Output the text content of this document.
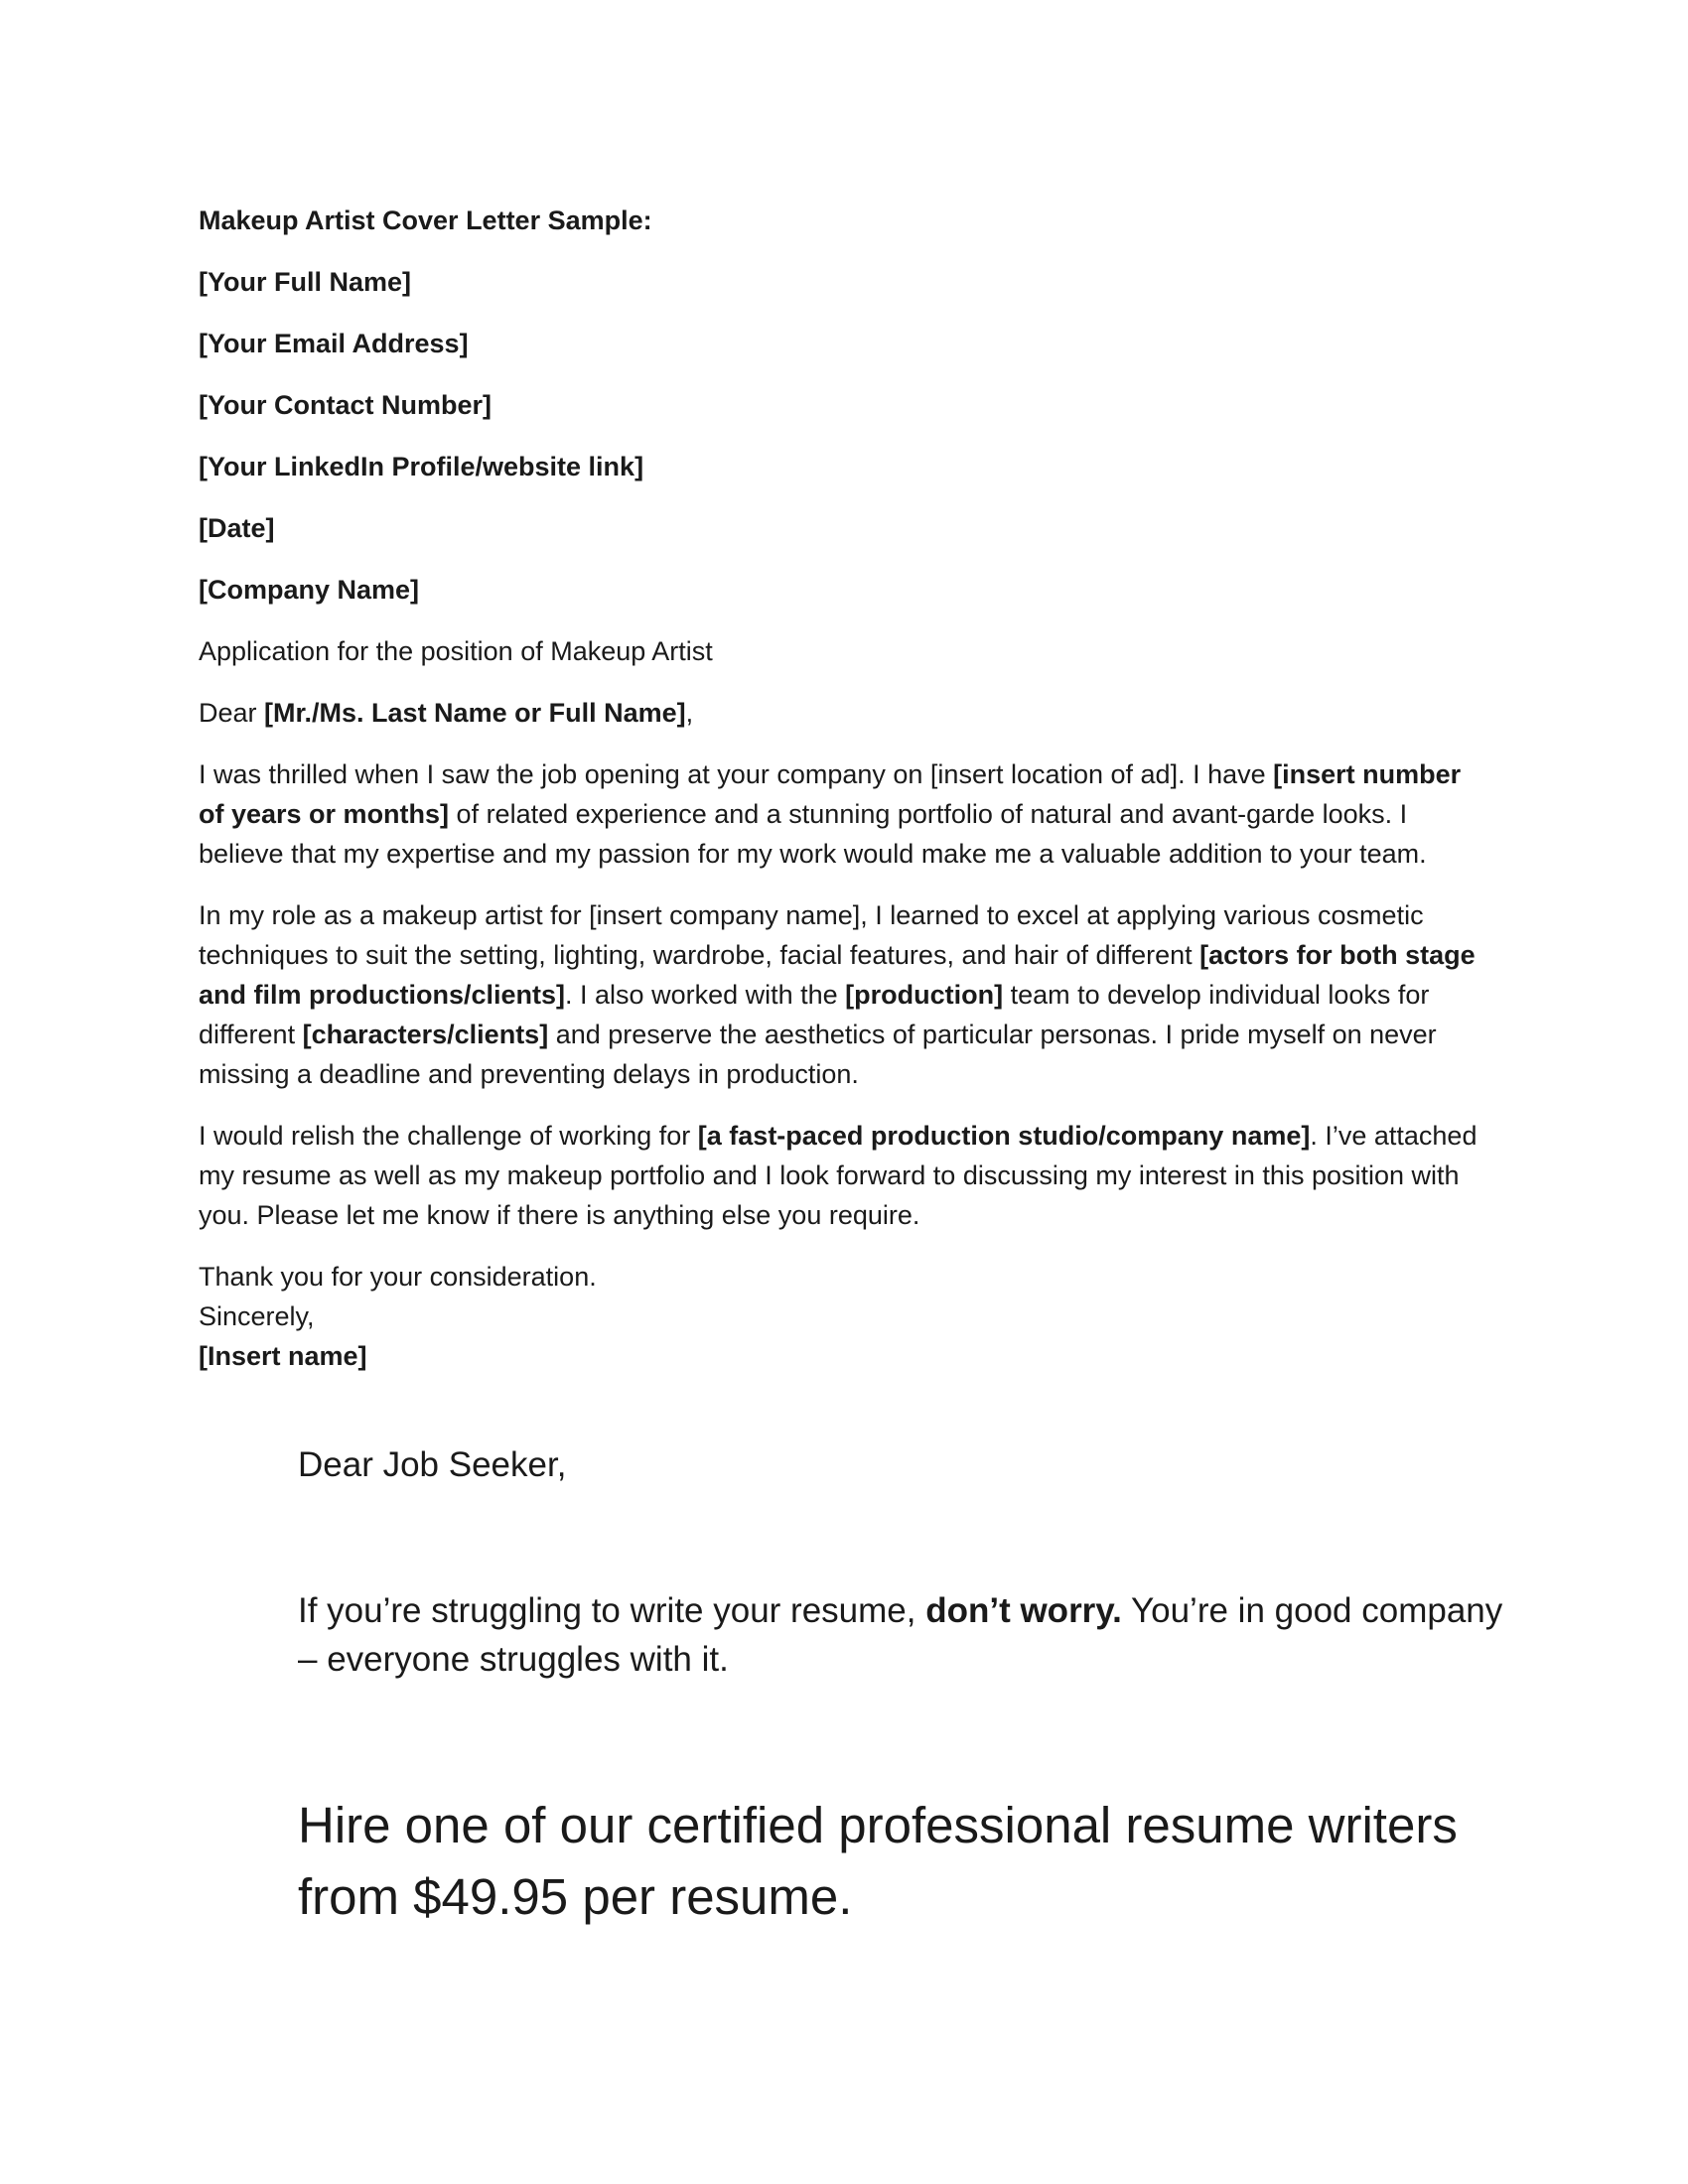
Makeup Artist Cover Letter Sample:

[Your Full Name]

[Your Email Address]

[Your Contact Number]

[Your LinkedIn Profile/website link]

[Date]

[Company Name]

Application for the position of Makeup Artist

Dear [Mr./Ms. Last Name or Full Name],

I was thrilled when I saw the job opening at your company on [insert location of ad]. I have [insert number of years or months] of related experience and a stunning portfolio of natural and avant-garde looks. I believe that my expertise and my passion for my work would make me a valuable addition to your team.

In my role as a makeup artist for [insert company name], I learned to excel at applying various cosmetic techniques to suit the setting, lighting, wardrobe, facial features, and hair of different [actors for both stage and film productions/clients]. I also worked with the [production] team to develop individual looks for different [characters/clients] and preserve the aesthetics of particular personas. I pride myself on never missing a deadline and preventing delays in production.

I would relish the challenge of working for [a fast-paced production studio/company name]. I’ve attached my resume as well as my makeup portfolio and I look forward to discussing my interest in this position with you. Please let me know if there is anything else you require.

Thank you for your consideration.
Sincerely,
[Insert name]

Dear Job Seeker,

If you’re struggling to write your resume, don’t worry. You’re in good company – everyone struggles with it.

Hire one of our certified professional resume writers from $49.95 per resume.
